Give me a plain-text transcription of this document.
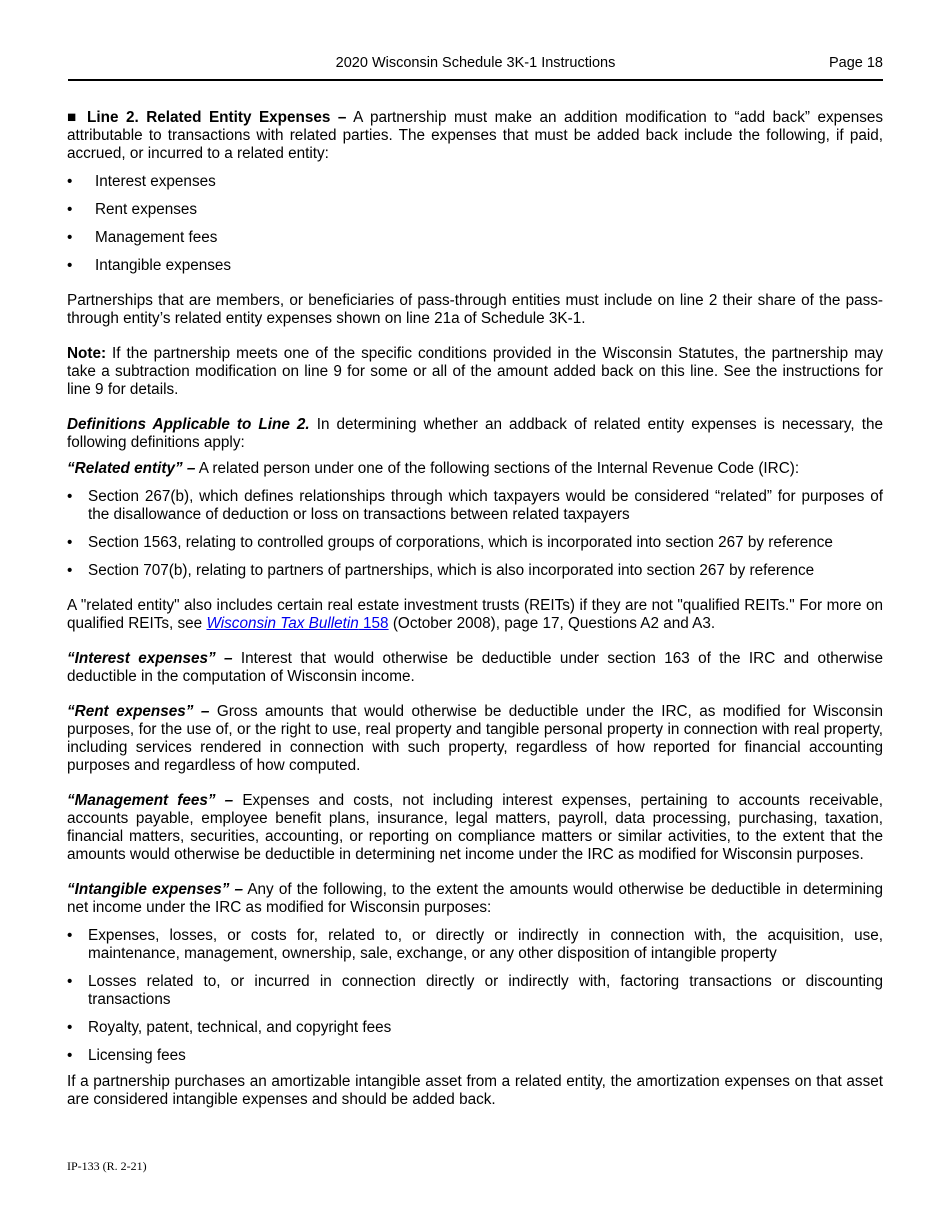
2020 Wisconsin Schedule 3K-1 Instructions	Page 18

■ Line 2. Related Entity Expenses – A partnership must make an addition modification to “add back” expenses attributable to transactions with related parties. The expenses that must be added back include the following, if paid, accrued, or incurred to a related entity:

• Interest expenses
• Rent expenses
• Management fees
• Intangible expenses

Partnerships that are members, or beneficiaries of pass-through entities must include on line 2 their share of the pass-through entity’s related entity expenses shown on line 21a of Schedule 3K-1.

Note: If the partnership meets one of the specific conditions provided in the Wisconsin Statutes, the partnership may take a subtraction modification on line 9 for some or all of the amount added back on this line. See the instructions for line 9 for details.

Definitions Applicable to Line 2. In determining whether an addback of related entity expenses is necessary, the following definitions apply:

“Related entity” – A related person under one of the following sections of the Internal Revenue Code (IRC):

• Section 267(b), which defines relationships through which taxpayers would be considered “related” for purposes of the disallowance of deduction or loss on transactions between related taxpayers
• Section 1563, relating to controlled groups of corporations, which is incorporated into section 267 by reference
• Section 707(b), relating to partners of partnerships, which is also incorporated into section 267 by reference

A "related entity" also includes certain real estate investment trusts (REITs) if they are not "qualified REITs." For more on qualified REITs, see Wisconsin Tax Bulletin 158 (October 2008), page 17, Questions A2 and A3.

“Interest expenses” – Interest that would otherwise be deductible under section 163 of the IRC and otherwise deductible in the computation of Wisconsin income.

“Rent expenses” – Gross amounts that would otherwise be deductible under the IRC, as modified for Wisconsin purposes, for the use of, or the right to use, real property and tangible personal property in connection with real property, including services rendered in connection with such property, regardless of how reported for financial accounting purposes and regardless of how computed.

“Management fees” – Expenses and costs, not including interest expenses, pertaining to accounts receivable, accounts payable, employee benefit plans, insurance, legal matters, payroll, data processing, purchasing, taxation, financial matters, securities, accounting, or reporting on compliance matters or similar activities, to the extent that the amounts would otherwise be deductible in determining net income under the IRC as modified for Wisconsin purposes.

“Intangible expenses” – Any of the following, to the extent the amounts would otherwise be deductible in determining net income under the IRC as modified for Wisconsin purposes:

• Expenses, losses, or costs for, related to, or directly or indirectly in connection with, the acquisition, use, maintenance, management, ownership, sale, exchange, or any other disposition of intangible property
• Losses related to, or incurred in connection directly or indirectly with, factoring transactions or discounting transactions
• Royalty, patent, technical, and copyright fees
• Licensing fees

If a partnership purchases an amortizable intangible asset from a related entity, the amortization expenses on that asset are considered intangible expenses and should be added back.

IP-133 (R. 2-21)
